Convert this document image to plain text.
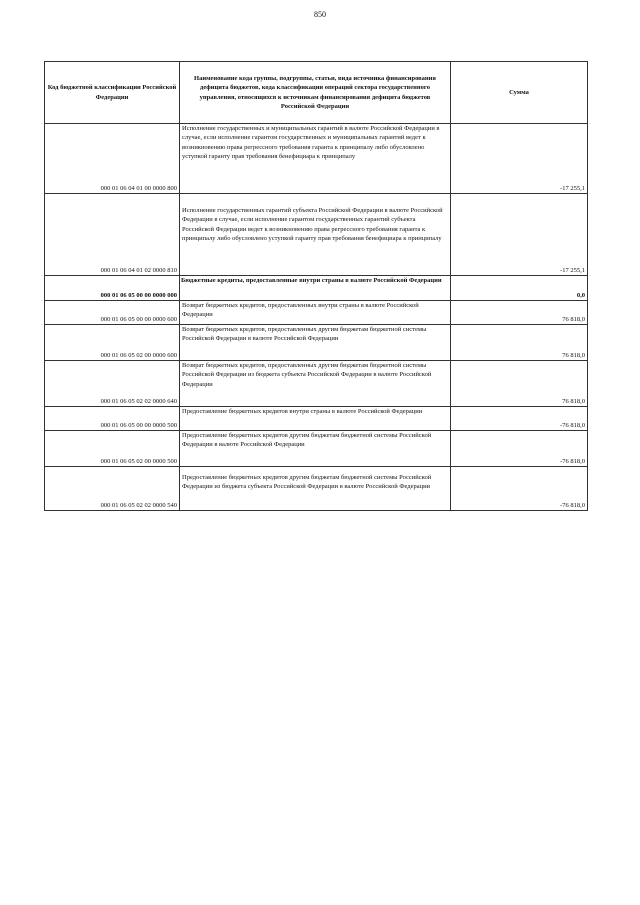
850
Код бюджетной классификации Российской Федерации	Наименование кода группы, подгруппы, статьи, вида источника финансирования дефицита бюджетов, кода классификации операций сектора государственного управления, относящихся к источникам финансирования дефицита бюджетов Российской Федерации	Сумма
000 01 06 04 01 00 0000 800	Исполнение государственных и муниципальных гарантий в валюте Российской Федерации в случае, если исполнение гарантом государственных и муниципальных гарантий ведет к возникновению права регрессного требования гаранта к принципалу либо обусловлено уступкой гаранту прав требования бенефициара к принципалу	-17 255,1
000 01 06 04 01 02 0000 810	Исполнение государственных гарантий субъекта Российской Федерации в валюте Российской Федерации в случае, если исполнение гарантом государственных гарантий субъекта Российской Федерации ведет к возникновению права регрессного требования гаранта к принципалу либо обусловлено уступкой гаранту прав требования бенефициара к принципалу	-17 255,1
000 01 06 05 00 00 0000 000	Бюджетные кредиты, предоставленные внутри страны в валюте Российской Федерации	0,0
000 01 06 05 00 00 0000 600	Возврат бюджетных кредитов, предоставленных внутри страны в валюте Российской Федерации	76 818,0
000 01 06 05 02 00 0000 600	Возврат бюджетных кредитов, предоставленных другим бюджетам бюджетной системы Российской Федерации в валюте Российской Федерации	76 818,0
000 01 06 05 02 02 0000 640	Возврат бюджетных кредитов, предоставленных другим бюджетам бюджетной системы Российской Федерации из бюджета субъекта Российской Федерации в валюте Российской Федерации	76 818,0
000 01 06 05 00 00 0000 500	Предоставление бюджетных кредитов внутри страны в валюте Российской Федерации	-76 818,0
000 01 06 05 02 00 0000 500	Предоставление бюджетных кредитов другим бюджетам бюджетной системы Российской Федерации в валюте Российской Федерации	-76 818,0
000 01 06 05 02 02 0000 540	Предоставление бюджетных кредитов другим бюджетам бюджетной системы Российской Федерации из бюджета субъекта Российской Федерации в валюте Российской Федерации	-76 818,0
